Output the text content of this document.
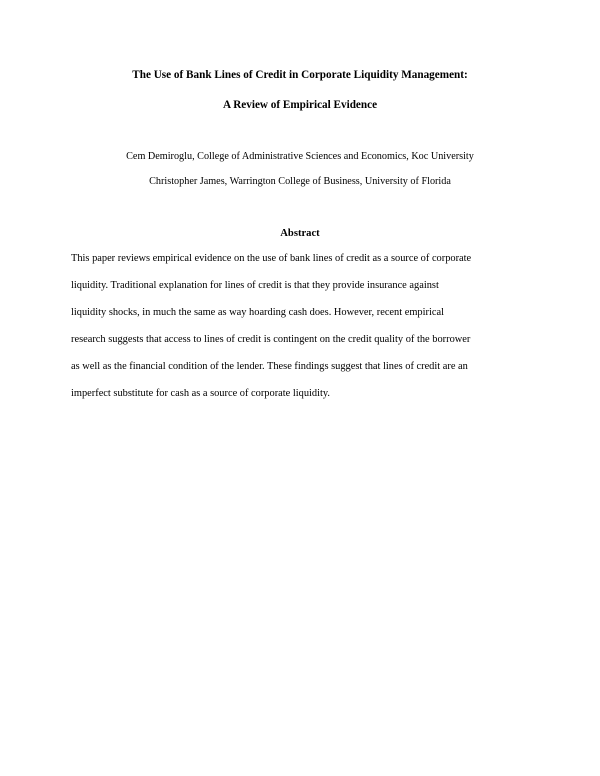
The Use of Bank Lines of Credit in Corporate Liquidity Management:
A Review of Empirical Evidence
Cem Demiroglu, College of Administrative Sciences and Economics, Koc University
Christopher James, Warrington College of Business, University of Florida
Abstract
This paper reviews empirical evidence on the use of bank lines of credit as a source of corporate
liquidity. Traditional explanation for lines of credit is that they provide insurance against
liquidity shocks, in much the same as way hoarding cash does. However, recent empirical
research suggests that access to lines of credit is contingent on the credit quality of the borrower
as well as the financial condition of the lender. These findings suggest that lines of credit are an
imperfect substitute for cash as a source of corporate liquidity.
